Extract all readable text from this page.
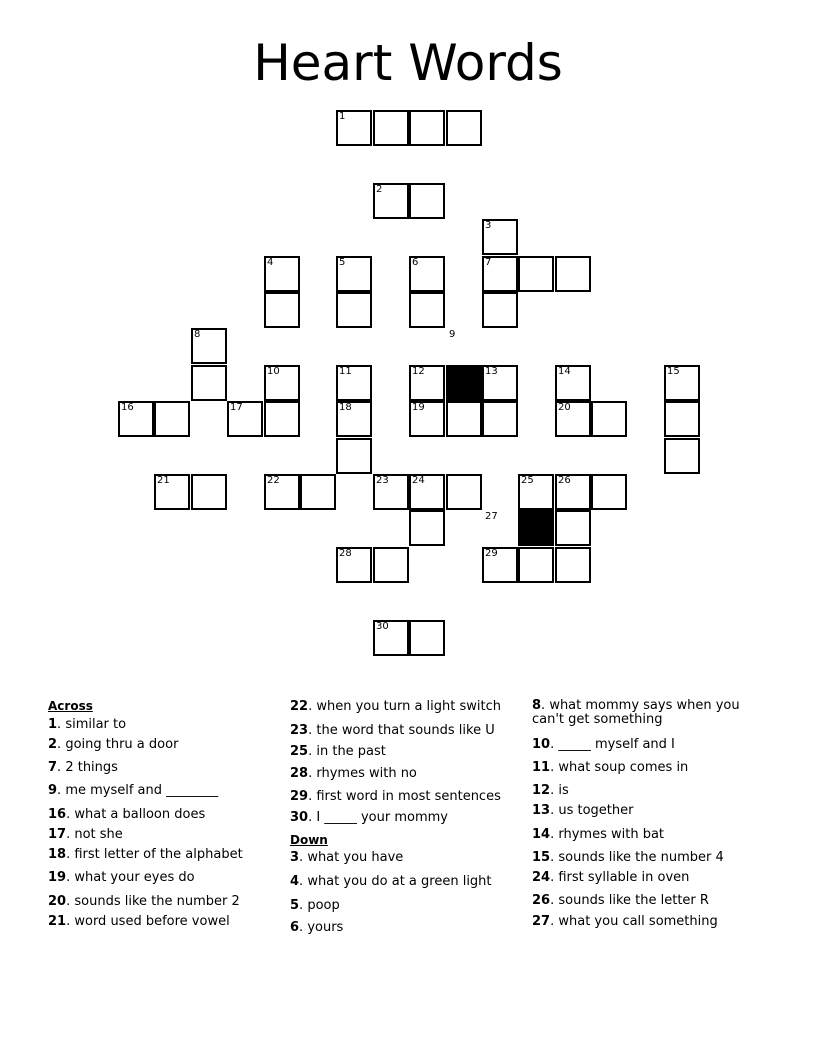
Heart Words
1
2
3
4	5	6	7
8
10	11	12	13	14	15
16	17	18	19	20
21	22	23 24	25 26
28	29
30
9
27
Across
1. similar to
2. going thru a door
7. 2 things
9. me myself and ________
16. what a balloon does
17. not she
18. first letter of the alphabet
19. what your eyes do
20. sounds like the number 2
21. word used before vowel
22. when you turn a light switch
23. the word that sounds like U
25. in the past
28. rhymes with no
29. first word in most sentences
30. I _____ your mommy
Down
3. what you have
4. what you do at a green light
5. poop
6. yours
8. what mommy says when you
can't get something
10. _____ myself and I
11. what soup comes in
12. is
13. us together
14. rhymes with bat
15. sounds like the number 4
24. first syllable in oven
26. sounds like the letter R
27. what you call something
